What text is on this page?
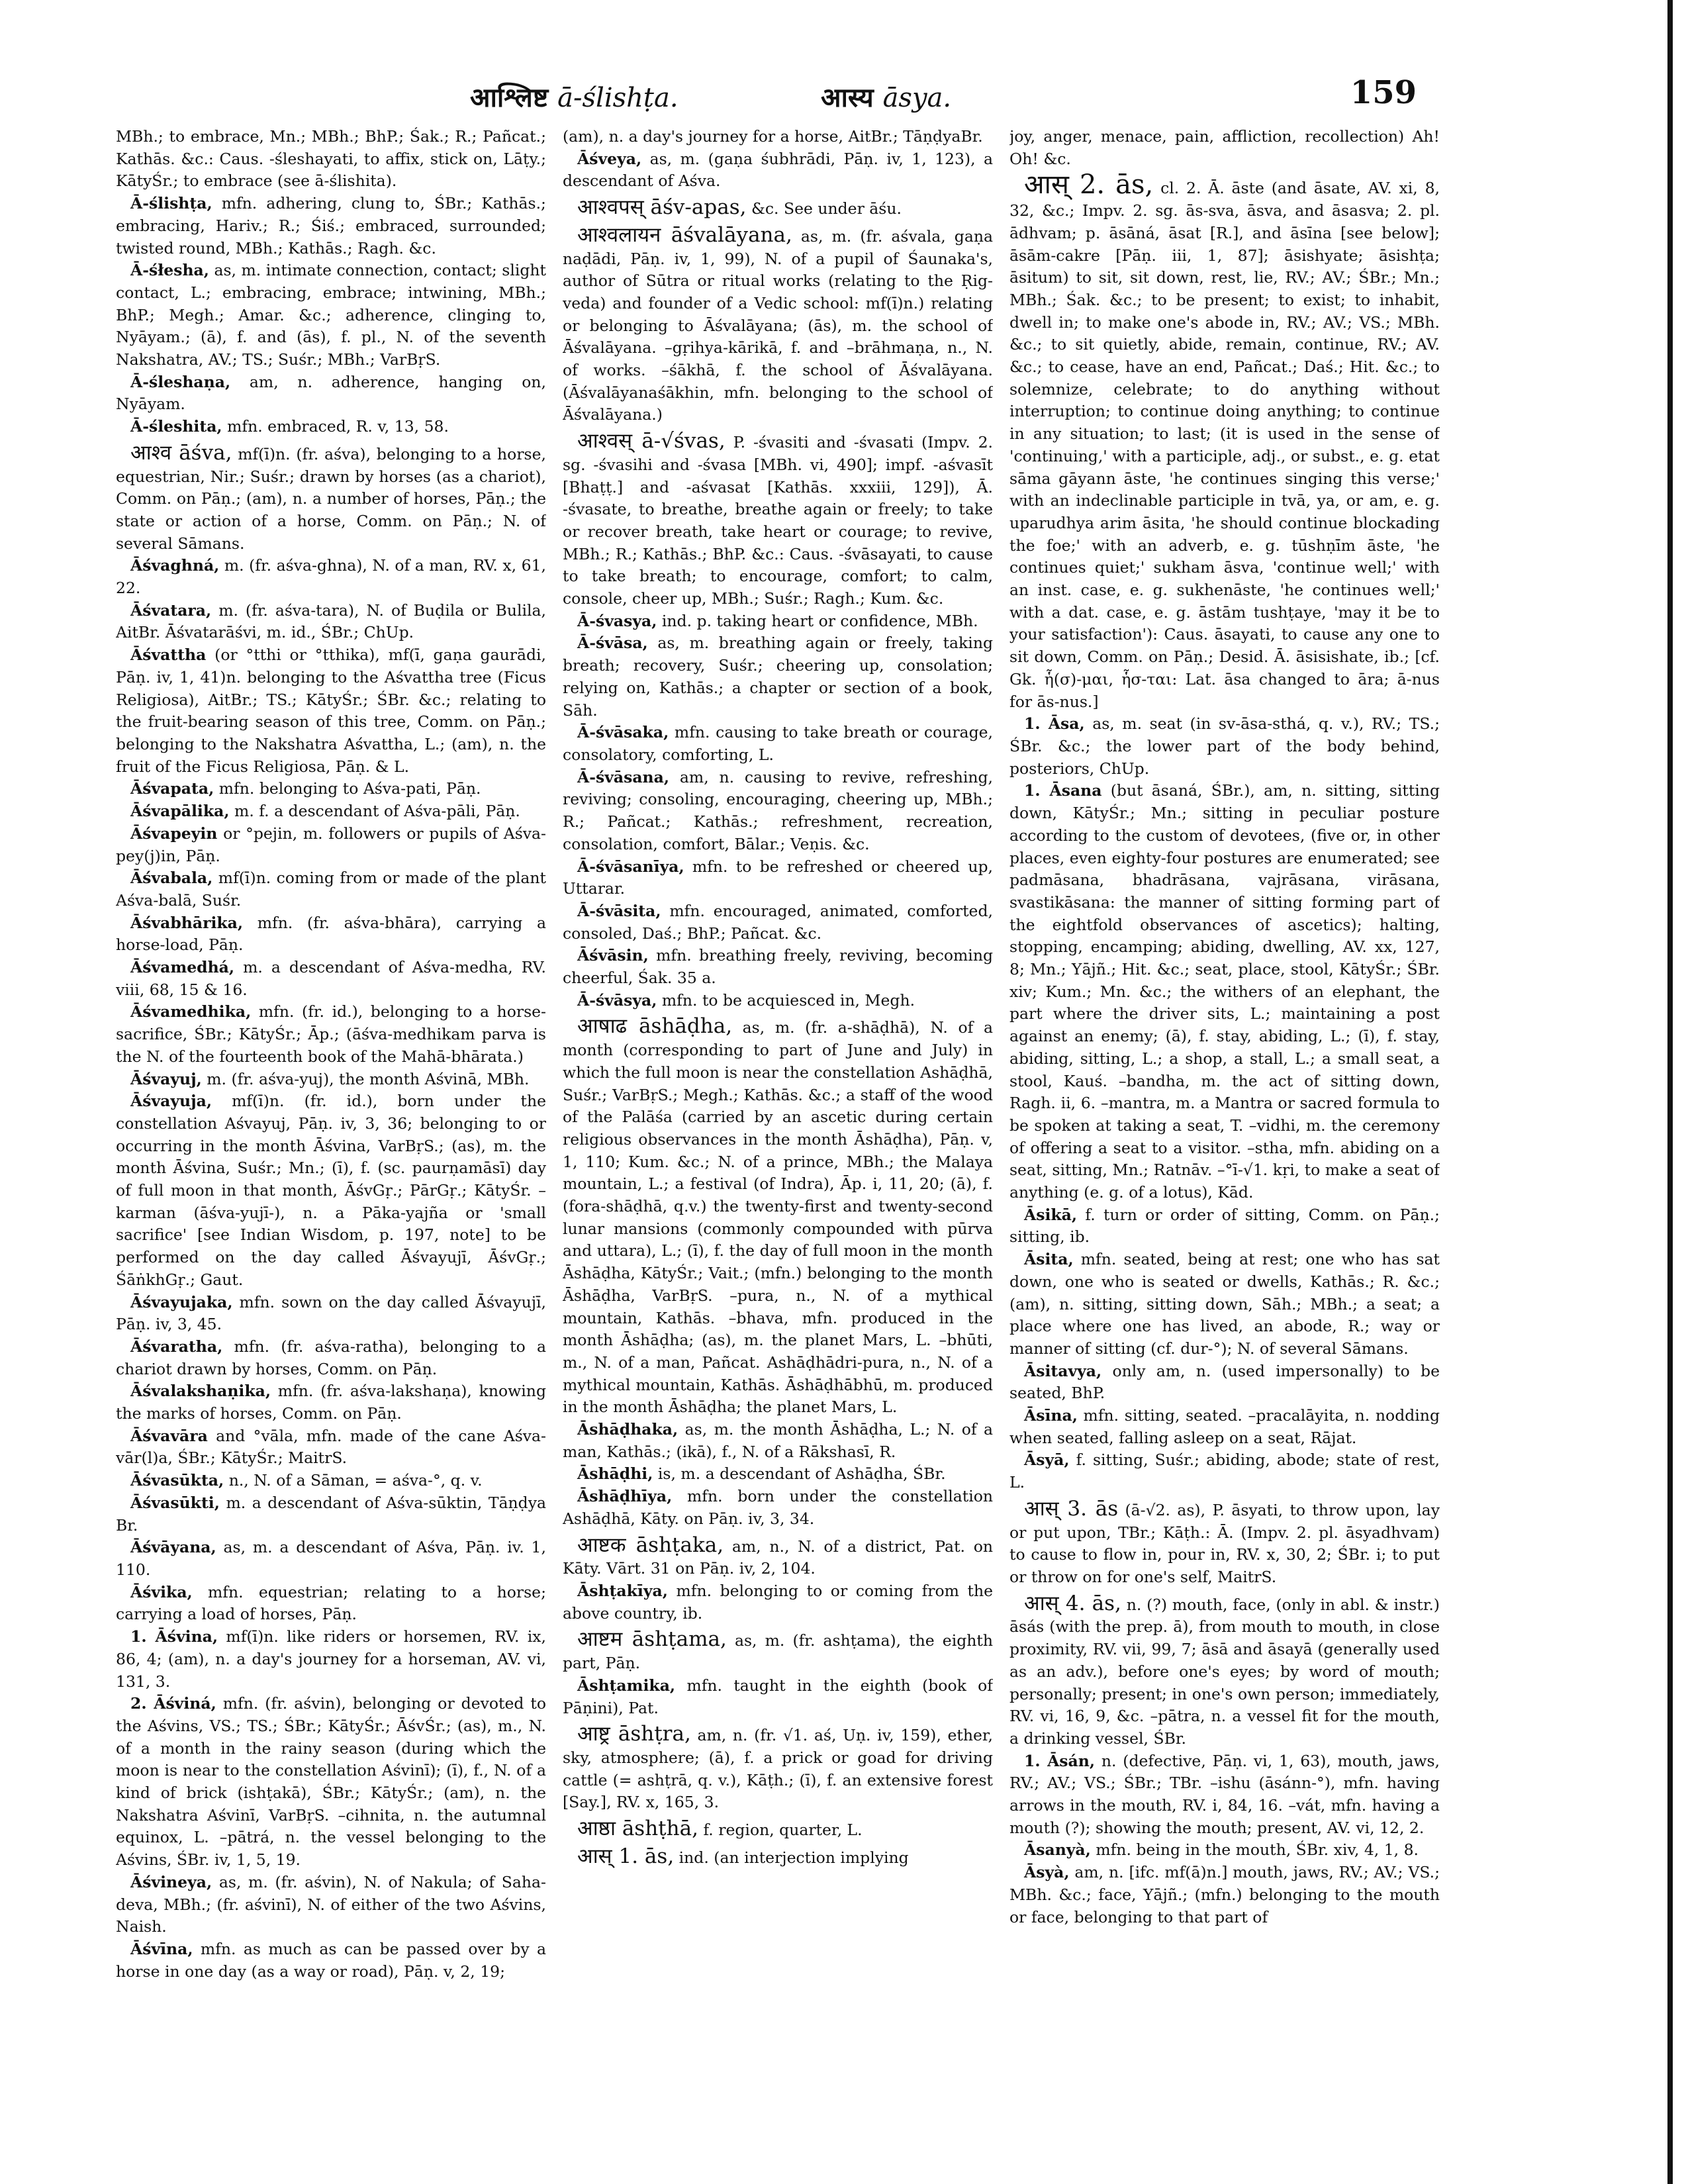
आश्लिष्ट ā-ślishṭa.	आस्य āsya.	159

MBh.; to embrace, Mn.; MBh.; BhP.; Śak.; R.; Pañcat.; Kathās. &c.: Caus. -śleshayati, to affix, stick on, Lāṭy.; KātyŚr.; to embrace (see ā-ślishita).

Ā-ślishṭa, mfn. adhering, clung to, ŚBr.; Kathās.; embracing, Hariv.; R.; Śiś.; embraced, surrounded; twisted round, MBh.; Kathās.; Ragh. &c.

Ā-śłesha, as, m. intimate connection, contact; slight contact, L.; embracing, embrace; intwining, MBh.; BhP.; Megh.; Amar. &c.; adherence, clinging to, Nyāyam.; (ā), f. and (ās), f. pl., N. of the seventh Nakshatra, AV.; TS.; Suśr.; MBh.; VarBṛS.

Ā-śleshaṇa, am, n. adherence, hanging on, Nyāyam.

Ā-śleshita, mfn. embraced, R. v, 13, 58.

आश्व āśva, mf(ī)n. (fr. aśva), belonging to a horse, equestrian, Nir.; Suśr.; drawn by horses (as a chariot), Comm. on Pāṇ.; (am), n. a number of horses, Pāṇ.; the state or action of a horse, Comm. on Pāṇ.; N. of several Sāmans.

Āśvaghná, m. (fr. aśva-ghna), N. of a man, RV. x, 61, 22.

Āśvatara, m. (fr. aśva-tara), N. of Buḍila or Bulila, AitBr. Āśvatarāśvi, m. id., ŚBr.; ChUp.

Āśvattha (or °tthi or °tthika), mf(ī, gaṇa gaurādi, Pāṇ. iv, 1, 41)n. belonging to the Aśvattha tree (Ficus Religiosa), AitBr.; TS.; KātyŚr.; ŚBr. &c.; relating to the fruit-bearing season of this tree, Comm. on Pāṇ.; belonging to the Nakshatra Aśvattha, L.; (am), n. the fruit of the Ficus Religiosa, Pāṇ. & L.

Āśvapata, mfn. belonging to Aśva-pati, Pāṇ.

Āśvapālika, m. f. a descendant of Aśva-pāli, Pāṇ.

Āśvapeyin or °pejin, m. followers or pupils of Aśva-pey(j)in, Pāṇ.

Āśvabala, mf(ī)n. coming from or made of the plant Aśva-balā, Suśr.

Āśvabhārika, mfn. (fr. aśva-bhāra), carrying a horse-load, Pāṇ.

Āśvamedhá, m. a descendant of Aśva-medha, RV. viii, 68, 15 & 16.

Āśvamedhika, mfn. (fr. id.), belonging to a horse-sacrifice, ŚBr.; KātyŚr.; Āp.; (āśva-medhikam parva is the N. of the fourteenth book of the Mahā-bhārata.)

Āśvayuj, m. (fr. aśva-yuj), the month Aśvinā, MBh.

Āśvayuja, mf(ī)n. (fr. id.), born under the constellation Aśvayuj, Pāṇ. iv, 3, 36; belonging to or occurring in the month Āśvina, VarBṛS.; (as), m. the month Āśvina, Suśr.; Mn.; (ī), f. (sc. paurṇamāsī) day of full moon in that month, ĀśvGṛ.; PārGṛ.; KātyŚr. –karman (āśva-yujī-), n. a Pāka-yajña or 'small sacrifice' [see Indian Wisdom, p. 197, note] to be performed on the day called Āśvayujī, ĀśvGṛ.; ŚāṅkhGṛ.; Gaut.

Āśvayujaka, mfn. sown on the day called Āśvayujī, Pāṇ. iv, 3, 45.

Āśvaratha, mfn. (fr. aśva-ratha), belonging to a chariot drawn by horses, Comm. on Pāṇ.

Āśvalakshaṇika, mfn. (fr. aśva-lakshaṇa), knowing the marks of horses, Comm. on Pāṇ.

Āśvavāra and °vāla, mfn. made of the cane Aśva-vār(l)a, ŚBr.; KātyŚr.; MaitrS.

Āśvasūkta, n., N. of a Sāman, = aśva-°, q. v.

Āśvasūkti, m. a descendant of Aśva-sūktin, Tāṇḍya Br.

Āśvāyana, as, m. a descendant of Aśva, Pāṇ. iv. 1, 110.

Āśvika, mfn. equestrian; relating to a horse; carrying a load of horses, Pāṇ.

1. Āśvina, mf(ī)n. like riders or horsemen, RV. ix, 86, 4; (am), n. a day's journey for a horseman, AV. vi, 131, 3.

2. Āśviná, mfn. (fr. aśvin), belonging or devoted to the Aśvins, VS.; TS.; ŚBr.; KātyŚr.; ĀśvŚr.; (as), m., N. of a month in the rainy season (during which the moon is near to the constellation Aśvinī); (ī), f., N. of a kind of brick (ishṭakā), ŚBr.; KātyŚr.; (am), n. the Nakshatra Aśvinī, VarBṛS. –cihnita, n. the autumnal equinox, L. –pātrá, n. the vessel belonging to the Aśvins, ŚBr. iv, 1, 5, 19.

Āśvineya, as, m. (fr. aśvin), N. of Nakula; of Saha-deva, MBh.; (fr. aśvinī), N. of either of the two Aśvins, Naish.

Āśvīna, mfn. as much as can be passed over by a horse in one day (as a way or road), Pāṇ. v, 2, 19;

(am), n. a day's journey for a horse, AitBr.; TāṇḍyaBr.

Āśveya, as, m. (gaṇa śubhrādi, Pāṇ. iv, 1, 123), a descendant of Aśva.

आश्वपस् āśv-apas, &c. See under āśu.

आश्वलायन āśvalāyana, as, m. (fr. aśvala, gaṇa naḍādi, Pāṇ. iv, 1, 99), N. of a pupil of Śaunaka's, author of Sūtra or ritual works (relating to the Ṛig-veda) and founder of a Vedic school: mf(ī)n.) relating or belonging to Āśvalāyana; (ās), m. the school of Āśvalāyana. –gṛihya-kārikā, f. and –brāhmaṇa, n., N. of works. –śākhā, f. the school of Āśvalāyana. (Āśvalāyanaśākhin, mfn. belonging to the school of Āśvalāyana.)

आश्वस् ā-√śvas, P. -śvasiti and -śvasati (Impv. 2. sg. -śvasihi and -śvasa [MBh. vi, 490]; impf. -aśvasīt [Bhaṭṭ.] and -aśvasat [Kathās. xxxiii, 129]), Ā. -śvasate, to breathe, breathe again or freely; to take or recover breath, take heart or courage; to revive, MBh.; R.; Kathās.; BhP. &c.: Caus. -śvāsayati, to cause to take breath; to encourage, comfort; to calm, console, cheer up, MBh.; Suśr.; Ragh.; Kum. &c.

Ā-śvasya, ind. p. taking heart or confidence, MBh.

Ā-śvāsa, as, m. breathing again or freely, taking breath; recovery, Suśr.; cheering up, consolation; relying on, Kathās.; a chapter or section of a book, Sāh.

Ā-śvāsaka, mfn. causing to take breath or courage, consolatory, comforting, L.

Ā-śvāsana, am, n. causing to revive, refreshing, reviving; consoling, encouraging, cheering up, MBh.; R.; Pañcat.; Kathās.; refreshment, recreation, consolation, comfort, Bālar.; Veṇis. &c.

Ā-śvāsanīya, mfn. to be refreshed or cheered up, Uttarar.

Ā-śvāsita, mfn. encouraged, animated, comforted, consoled, Daś.; BhP.; Pañcat. &c.

Āśvāsin, mfn. breathing freely, reviving, becoming cheerful, Śak. 35 a.

Ā-śvāsya, mfn. to be acquiesced in, Megh.

आषाढ āshāḍha, as, m. (fr. a-shāḍhā), N. of a month (corresponding to part of June and July) in which the full moon is near the constellation Ashāḍhā, Suśr.; VarBṛS.; Megh.; Kathās. &c.; a staff of the wood of the Palāśa (carried by an ascetic during certain religious observances in the month Āshāḍha), Pāṇ. v, 1, 110; Kum. &c.; N. of a prince, MBh.; the Malaya mountain, L.; a festival (of Indra), Āp. i, 11, 20; (ā), f. (fora-shāḍhā, q.v.) the twenty-first and twenty-second lunar mansions (commonly compounded with pūrva and uttara), L.; (ī), f. the day of full moon in the month Āshāḍha, KātyŚr.; Vait.; (mfn.) belonging to the month Āshāḍha, VarBṛS. –pura, n., N. of a mythical mountain, Kathās. –bhava, mfn. produced in the month Āshāḍha; (as), m. the planet Mars, L. –bhūti, m., N. of a man, Pañcat. Ashāḍhādri-pura, n., N. of a mythical mountain, Kathās. Āshāḍhābhū, m. produced in the month Āshāḍha; the planet Mars, L.

Āshāḍhaka, as, m. the month Āshāḍha, L.; N. of a man, Kathās.; (ikā), f., N. of a Rākshasī, R.

Āshāḍhi, is, m. a descendant of Ashāḍha, ŚBr.

Āshāḍhīya, mfn. born under the constellation Ashāḍhā, Kāty. on Pāṇ. iv, 3, 34.

आष्टक āshṭaka, am, n., N. of a district, Pat. on Kāty. Vārt. 31 on Pāṇ. iv, 2, 104.

Āshṭakīya, mfn. belonging to or coming from the above country, ib.

आष्टम āshṭama, as, m. (fr. ashṭama), the eighth part, Pāṇ.

Āshṭamika, mfn. taught in the eighth (book of Pāṇini), Pat.

आष्ट्र āshṭra, am, n. (fr. √1. aś, Uṇ. iv, 159), ether, sky, atmosphere; (ā), f. a prick or goad for driving cattle (= ashṭrā, q. v.), Kāṭh.; (ī), f. an extensive forest [Say.], RV. x, 165, 3.

आष्ठा āshṭhā, f. region, quarter, L.

आस् 1. ās, ind. (an interjection implying

joy, anger, menace, pain, affliction, recollection) Ah! Oh! &c.

आस् 2. ās, cl. 2. Ā. āste (and āsate, AV. xi, 8, 32, &c.; Impv. 2. sg. ās-sva, āsva, and āsasva; 2. pl. ādhvam; p. āsāná, āsat [R.], and āsīna [see below]; āsām-cakre [Pāṇ. iii, 1, 87]; āsishyate; āsishṭa; āsitum) to sit, sit down, rest, lie, RV.; AV.; ŚBr.; Mn.; MBh.; Śak. &c.; to be present; to exist; to inhabit, dwell in; to make one's abode in, RV.; AV.; VS.; MBh. &c.; to sit quietly, abide, remain, continue, RV.; AV. &c.; to cease, have an end, Pañcat.; Daś.; Hit. &c.; to solemnize, celebrate; to do anything without interruption; to continue doing anything; to continue in any situation; to last; (it is used in the sense of 'continuing,' with a participle, adj., or subst., e. g. etat sāma gāyann āste, 'he continues singing this verse;' with an indeclinable participle in tvā, ya, or am, e. g. uparudhya arim āsita, 'he should continue blockading the foe;' with an adverb, e. g. tūshṇīm āste, 'he continues quiet;' sukham āsva, 'continue well;' with an inst. case, e. g. sukhenāste, 'he continues well;' with a dat. case, e. g. āstām tushṭaye, 'may it be to your satisfaction'): Caus. āsayati, to cause any one to sit down, Comm. on Pāṇ.; Desid. Ā. āsisishate, ib.; [cf. Gk. ἧ(σ)-μαι, ἧσ-ται: Lat. āsa changed to āra; ā-nus for ās-nus.]

1. Āsa, as, m. seat (in sv-āsa-sthá, q. v.), RV.; TS.; ŚBr. &c.; the lower part of the body behind, posteriors, ChUp.

1. Āsana (but āsaná, ŚBr.), am, n. sitting, sitting down, KātyŚr.; Mn.; sitting in peculiar posture according to the custom of devotees, (five or, in other places, even eighty-four postures are enumerated; see padmāsana, bhadrāsana, vajrāsana, virāsana, svastikāsana: the manner of sitting forming part of the eightfold observances of ascetics); halting, stopping, encamping; abiding, dwelling, AV. xx, 127, 8; Mn.; Yājñ.; Hit. &c.; seat, place, stool, KātyŚr.; ŚBr. xiv; Kum.; Mn. &c.; the withers of an elephant, the part where the driver sits, L.; maintaining a post against an enemy; (ā), f. stay, abiding, L.; (ī), f. stay, abiding, sitting, L.; a shop, a stall, L.; a small seat, a stool, Kauś. –bandha, m. the act of sitting down, Ragh. ii, 6. –mantra, m. a Mantra or sacred formula to be spoken at taking a seat, T. –vidhi, m. the ceremony of offering a seat to a visitor. –stha, mfn. abiding on a seat, sitting, Mn.; Ratnāv. –°ī-√1. kṛi, to make a seat of anything (e. g. of a lotus), Kād.

Āsikā, f. turn or order of sitting, Comm. on Pāṇ.; sitting, ib.

Āsita, mfn. seated, being at rest; one who has sat down, one who is seated or dwells, Kathās.; R. &c.; (am), n. sitting, sitting down, Sāh.; MBh.; a seat; a place where one has lived, an abode, R.; way or manner of sitting (cf. dur-°); N. of several Sāmans.

Āsitavya, only am, n. (used impersonally) to be seated, BhP.

Āsīna, mfn. sitting, seated. –pracalāyita, n. nodding when seated, falling asleep on a seat, Rājat.

Āsyā, f. sitting, Suśr.; abiding, abode; state of rest, L.

आस् 3. ās (ā-√2. as), P. āsyati, to throw upon, lay or put upon, TBr.; Kāṭh.: Ā. (Impv. 2. pl. āsyadhvam) to cause to flow in, pour in, RV. x, 30, 2; ŚBr. i; to put or throw on for one's self, MaitrS.

आस् 4. ās, n. (?) mouth, face, (only in abl. & instr.) āsás (with the prep. ā), from mouth to mouth, in close proximity, RV. vii, 99, 7; āsā and āsayā (generally used as an adv.), before one's eyes; by word of mouth; personally; present; in one's own person; immediately, RV. vi, 16, 9, &c. –pātra, n. a vessel fit for the mouth, a drinking vessel, ŚBr.

1. Āsán, n. (defective, Pāṇ. vi, 1, 63), mouth, jaws, RV.; AV.; VS.; ŚBr.; TBr. –ishu (āsánn-°), mfn. having arrows in the mouth, RV. i, 84, 16. –vát, mfn. having a mouth (?); showing the mouth; present, AV. vi, 12, 2.

Āsanyà, mfn. being in the mouth, ŚBr. xiv, 4, 1, 8.

Āsyà, am, n. [ifc. mf(ā)n.] mouth, jaws, RV.; AV.; VS.; MBh. &c.; face, Yājñ.; (mfn.) belonging to the mouth or face, belonging to that part of
